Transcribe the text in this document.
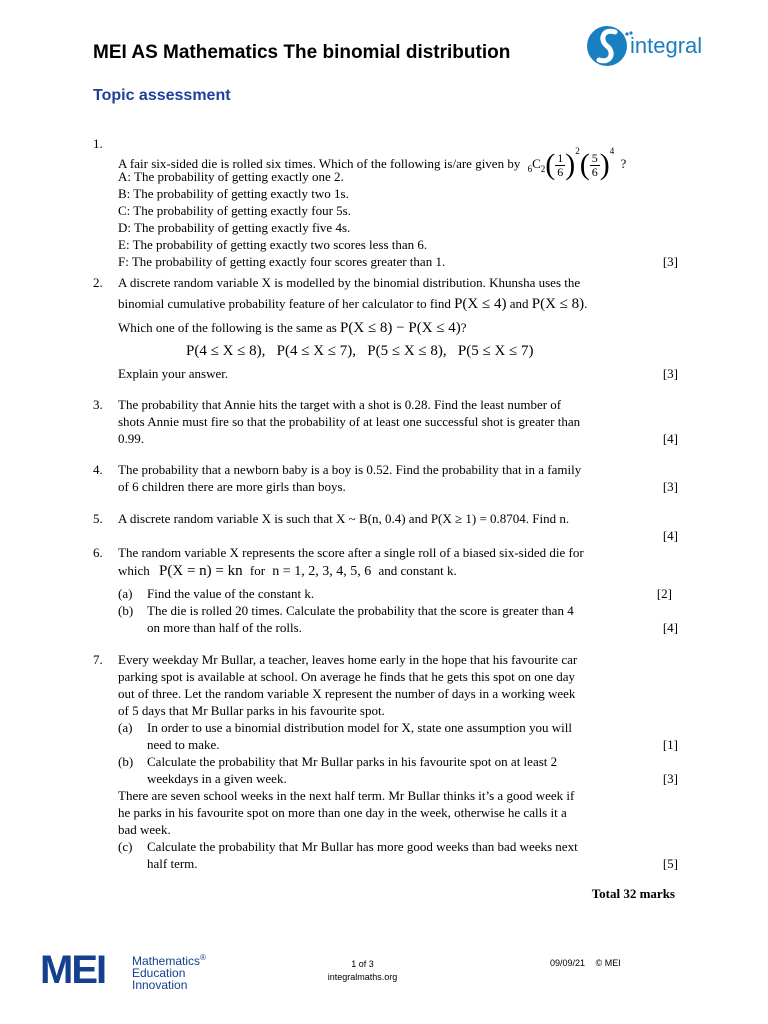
MEI AS Mathematics The binomial distribution
Topic assessment
integral
1.
A fair six-sided die is rolled six times. Which of the following is/are given by $_6C_2( \frac{1}{6} )^2( \frac{5}{6} )^4$ ?
A: The probability of getting exactly one 2.
B: The probability of getting exactly two 1s.
C: The probability of getting exactly four 5s.
D: The probability of getting exactly five 4s.
E: The probability of getting exactly two scores less than 6.
F: The probability of getting exactly four scores greater than 1.	[3]
2. A discrete random variable X is modelled by the binomial distribution. Khunsha uses the
binomial cumulative probability feature of her calculator to find P(X ≤ 4) and P(X ≤ 8).
Which one of the following is the same as P(X ≤ 8) − P(X ≤ 4)?
P(4 ≤ X ≤ 8),   P(4 ≤ X ≤ 7),   P(5 ≤ X ≤ 8),   P(5 ≤ X ≤ 7)
Explain your answer.	[3]
3. The probability that Annie hits the target with a shot is 0.28. Find the least number of
shots Annie must fire so that the probability of at least one successful shot is greater than
0.99.	[4]
4. The probability that a newborn baby is a boy is 0.52. Find the probability that in a family
of 6 children there are more girls than boys.	[3]
5. A discrete random variable X is such that X ~ B(n, 0.4) and P(X ≥ 1) = 0.8704. Find n.
[4]
6. The random variable X represents the score after a single roll of a biased six-sided die for
which P(X = n) = kn for n = 1, 2, 3, 4, 5, 6 and constant k.
(a) Find the value of the constant k.	[2]
(b) The die is rolled 20 times. Calculate the probability that the score is greater than 4
on more than half of the rolls.	[4]
7. Every weekday Mr Bullar, a teacher, leaves home early in the hope that his favourite car
parking spot is available at school. On average he finds that he gets this spot on one day
out of three. Let the random variable X represent the number of days in a working week
of 5 days that Mr Bullar parks in his favourite spot.
(a) In order to use a binomial distribution model for X, state one assumption you will
need to make.	[1]
(b) Calculate the probability that Mr Bullar parks in his favourite spot on at least 2
weekdays in a given week.	[3]
There are seven school weeks in the next half term. Mr Bullar thinks it’s a good week if
he parks in his favourite spot on more than one day in the week, otherwise he calls it a
bad week.
(c) Calculate the probability that Mr Bullar has more good weeks than bad weeks next
half term.	[5]
Total 32 marks
MEI Mathematics®
Education
Innovation
1 of 3
integralmaths.org
09/09/21 © MEI
